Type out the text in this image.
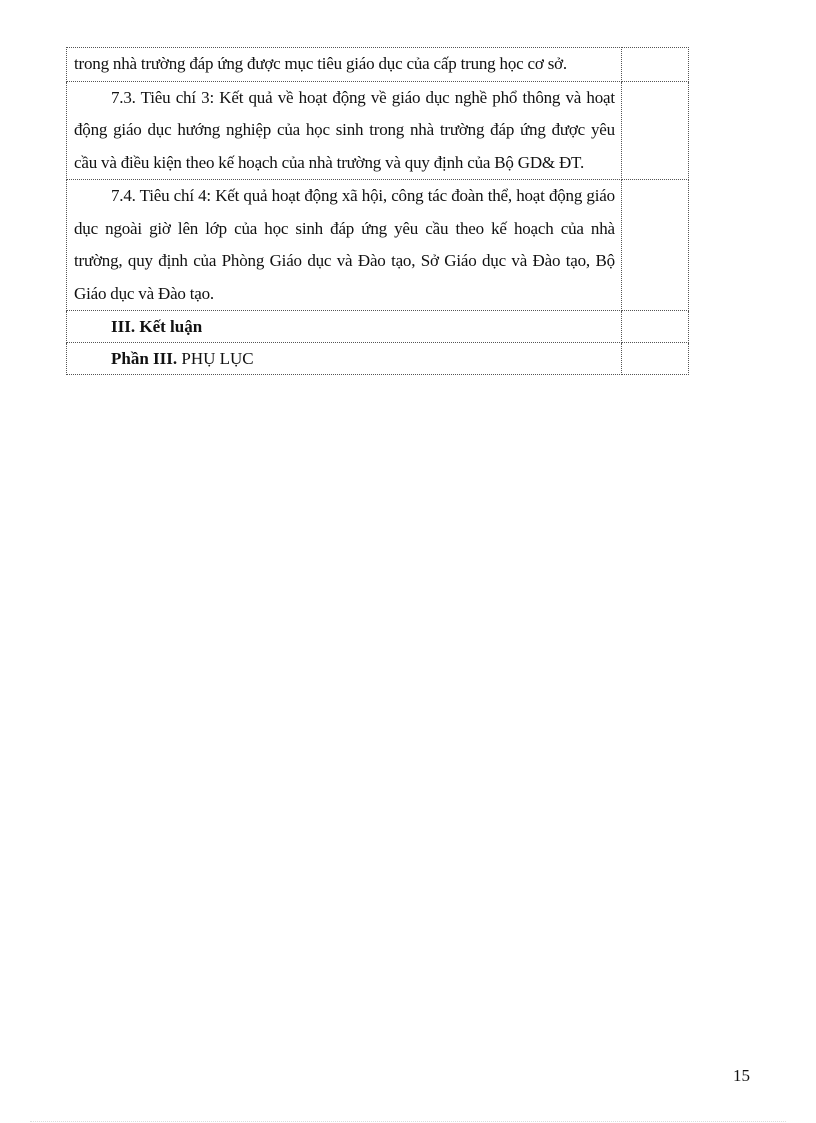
trong nhà trường đáp ứng được mục tiêu giáo dục của cấp trung học cơ sở.	

7.3. Tiêu chí 3: Kết quả về hoạt động về giáo dục nghề phổ thông và hoạt động giáo dục hướng nghiệp của học sinh trong nhà trường đáp ứng được yêu cầu và điều kiện theo kế hoạch của nhà trường và quy định của Bộ GD& ĐT.	

7.4. Tiêu chí 4: Kết quả hoạt động xã hội, công tác đoàn thể, hoạt động giáo dục ngoài giờ lên lớp của học sinh đáp ứng yêu cầu theo kế hoạch của nhà trường, quy định của Phòng Giáo dục và Đào tạo, Sở Giáo dục và Đào tạo, Bộ Giáo dục và Đào tạo.	

III. Kết luận	

Phần III. PHỤ LỤC	

15
